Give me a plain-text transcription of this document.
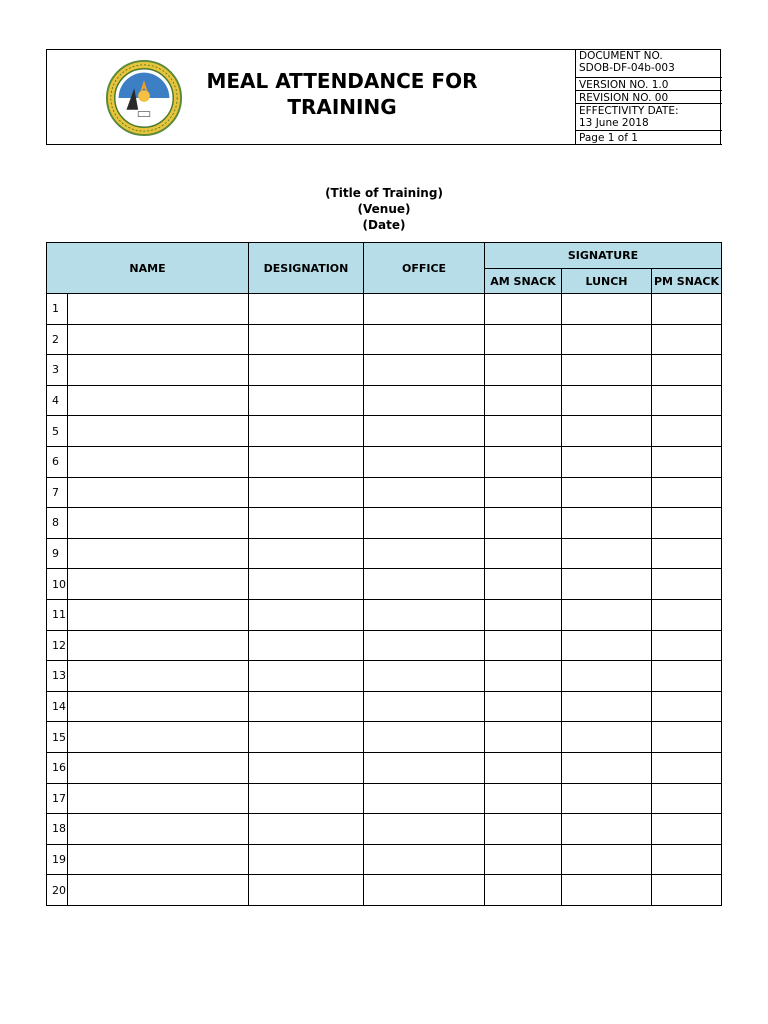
MEAL ATTENDANCE FOR
TRAINING
DOCUMENT NO.
SDOB-DF-04b-003
VERSION NO. 1.0
REVISION NO. 00
EFFECTIVITY DATE:
13 June 2018
Page 1 of 1
(Title of Training)
(Venue)
(Date)
NAME		DESIGNATION	OFFICE	SIGNATURE		
				AM SNACK	LUNCH	PM SNACK
1						
2						
3						
4						
5						
6						
7						
8						
9						
10						
11						
12						
13						
14						
15						
16						
17						
18						
19						
20						
